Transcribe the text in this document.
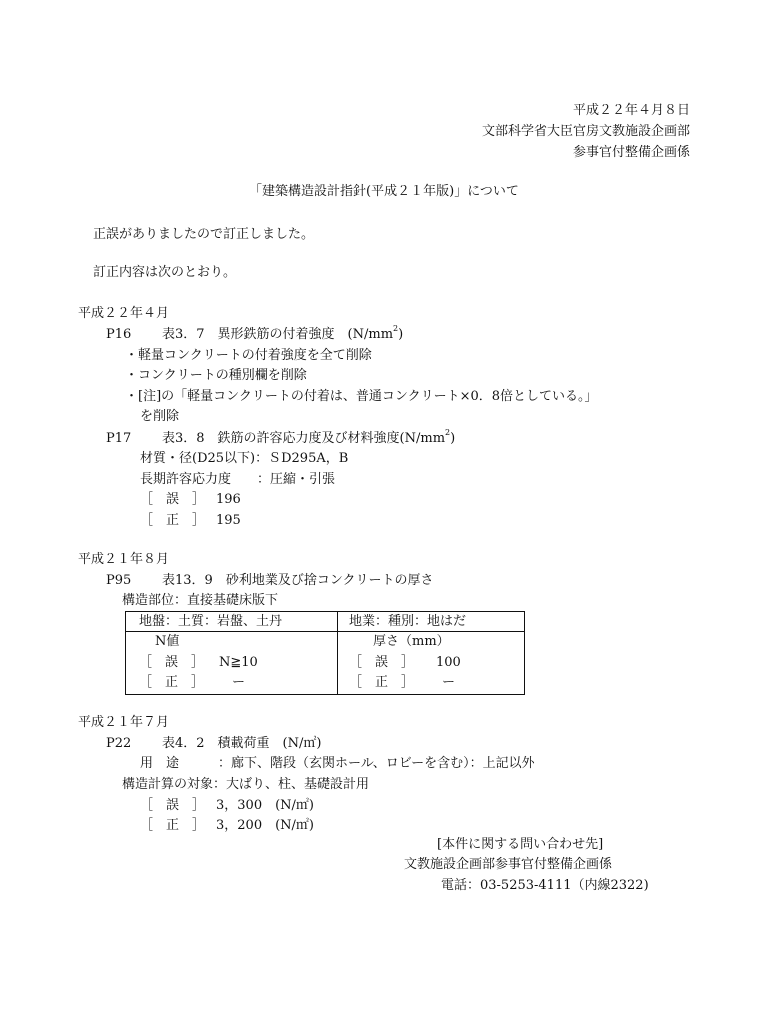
平成２２年４月８日
文部科学省大臣官房文教施設企画部
参事官付整備企画係
「建築構造設計指針(平成２１年版)」について
正誤がありましたので訂正しました。
訂正内容は次のとおり。
平成２２年４月
P16 表3．7　異形鉄筋の付着強度　$(N/mm^2)$
・軽量コンクリートの付着強度を全て削除
・コンクリートの種別欄を削除
・[注]の「軽量コンクリートの付着は、普通コンクリート×0．8倍としている。」
を削除
P17 表3．8　鉄筋の許容応力度及び材料強度$(N/mm^2)$
材質・径(D25以下)：ＳD295A，B
長期許容応力度　　：圧縮・引張
［　誤　］ 196
［　正　］ 195
平成２１年８月
P95 表13．9　砂利地業及び捨コンクリートの厚さ
構造部位：直接基礎床版下
地盤：土質：岩盤、土丹	地業：種別：地はだ
N値	厚さ（mm）
［　誤　］ N≧10	［　誤　］ 100
［　正　］ ー	［　正　］ ー
平成２１年７月
P22 表4．2　積載荷重　(N/㎡)
用　途　　　：廊下、階段（玄関ホール、ロビーを含む）：上記以外
構造計算の対象：大ばり、柱、基礎設計用
［　誤　］ 3，300　(N/㎡)
［　正　］ 3，200　(N/㎡)
[本件に関する問い合わせ先]
文教施設企画部参事官付整備企画係
電話：03-5253-4111（内線2322)
